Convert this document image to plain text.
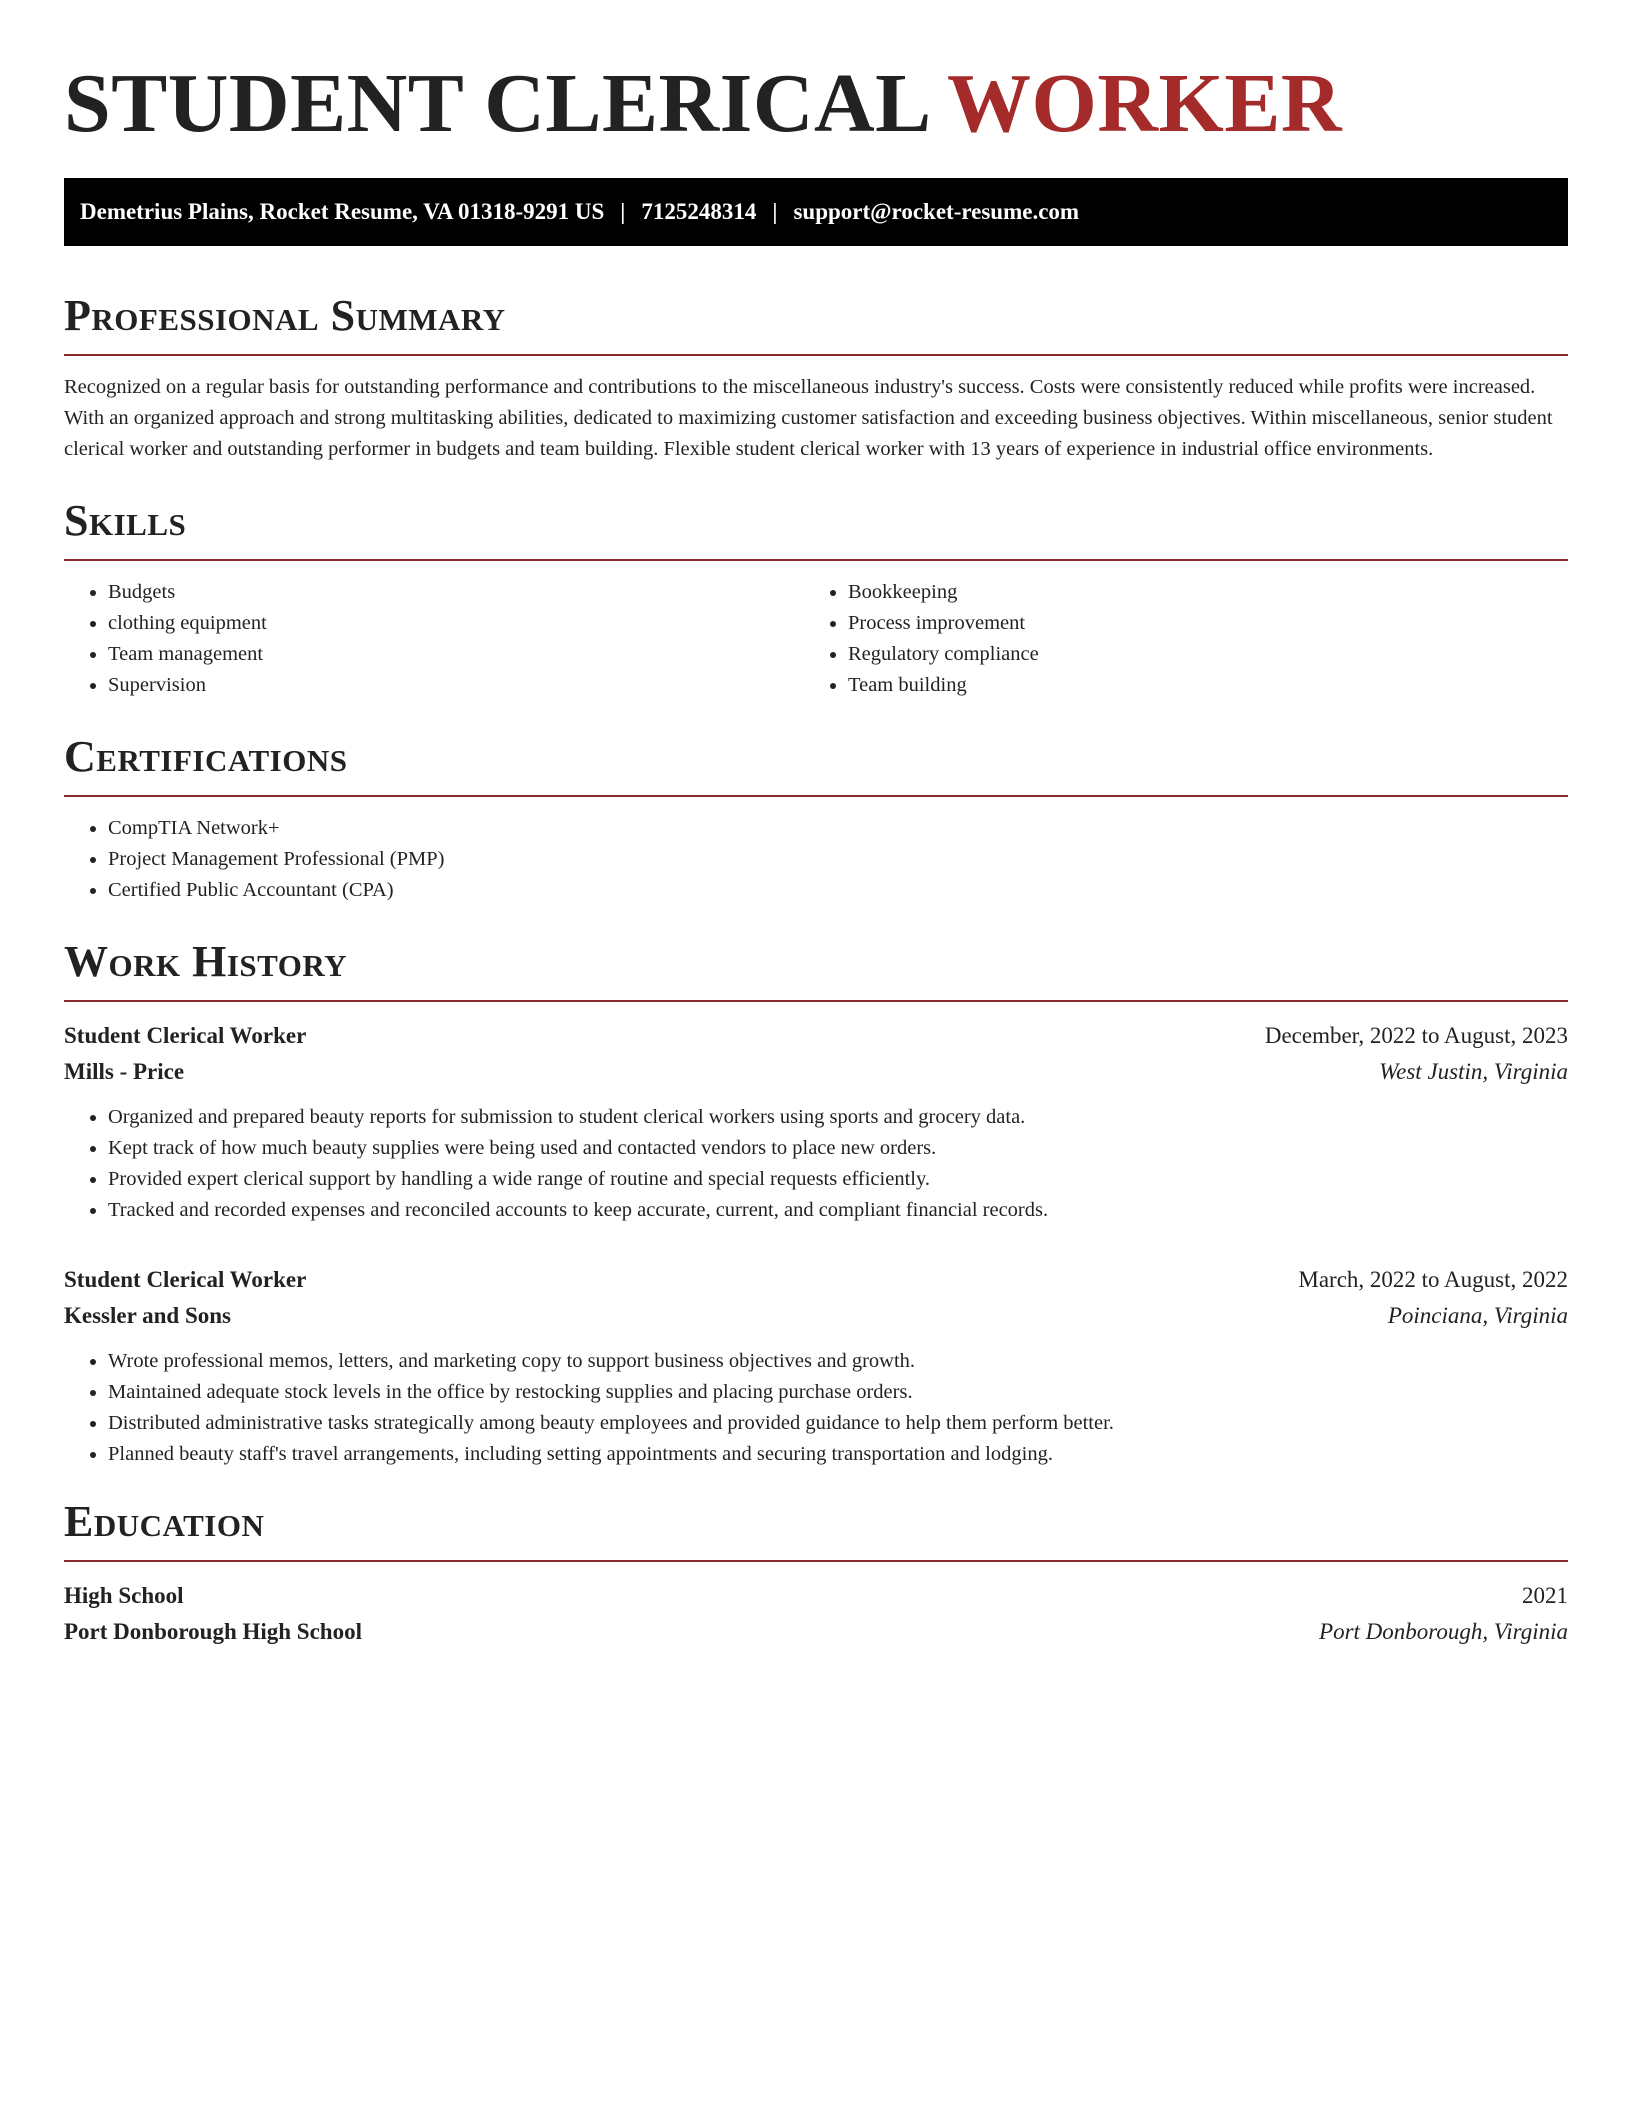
STUDENT CLERICAL WORKER
Demetrius Plains, Rocket Resume, VA 01318-9291 US | 7125248314 | support@rocket-resume.com
Professional Summary

Recognized on a regular basis for outstanding performance and contributions to the miscellaneous industry's success. Costs were consistently reduced while profits were increased. With an organized approach and strong multitasking abilities, dedicated to maximizing customer satisfaction and exceeding business objectives. Within miscellaneous, senior student clerical worker and outstanding performer in budgets and team building. Flexible student clerical worker with 13 years of experience in industrial office environments.

Skills
• Budgets
• clothing equipment
• Team management
• Supervision
• Bookkeeping
• Process improvement
• Regulatory compliance
• Team building
Certifications
• CompTIA Network+
• Project Management Professional (PMP)
• Certified Public Accountant (CPA)
Work History
Student Clerical Worker	December, 2022 to August, 2023
Mills - Price	West Justin, Virginia
• Organized and prepared beauty reports for submission to student clerical workers using sports and grocery data.
• Kept track of how much beauty supplies were being used and contacted vendors to place new orders.
• Provided expert clerical support by handling a wide range of routine and special requests efficiently.
• Tracked and recorded expenses and reconciled accounts to keep accurate, current, and compliant financial records.
Student Clerical Worker	March, 2022 to August, 2022
Kessler and Sons	Poinciana, Virginia
• Wrote professional memos, letters, and marketing copy to support business objectives and growth.
• Maintained adequate stock levels in the office by restocking supplies and placing purchase orders.
• Distributed administrative tasks strategically among beauty employees and provided guidance to help them perform better.
• Planned beauty staff's travel arrangements, including setting appointments and securing transportation and lodging.
Education
High School	2021
Port Donborough High School	Port Donborough, Virginia
